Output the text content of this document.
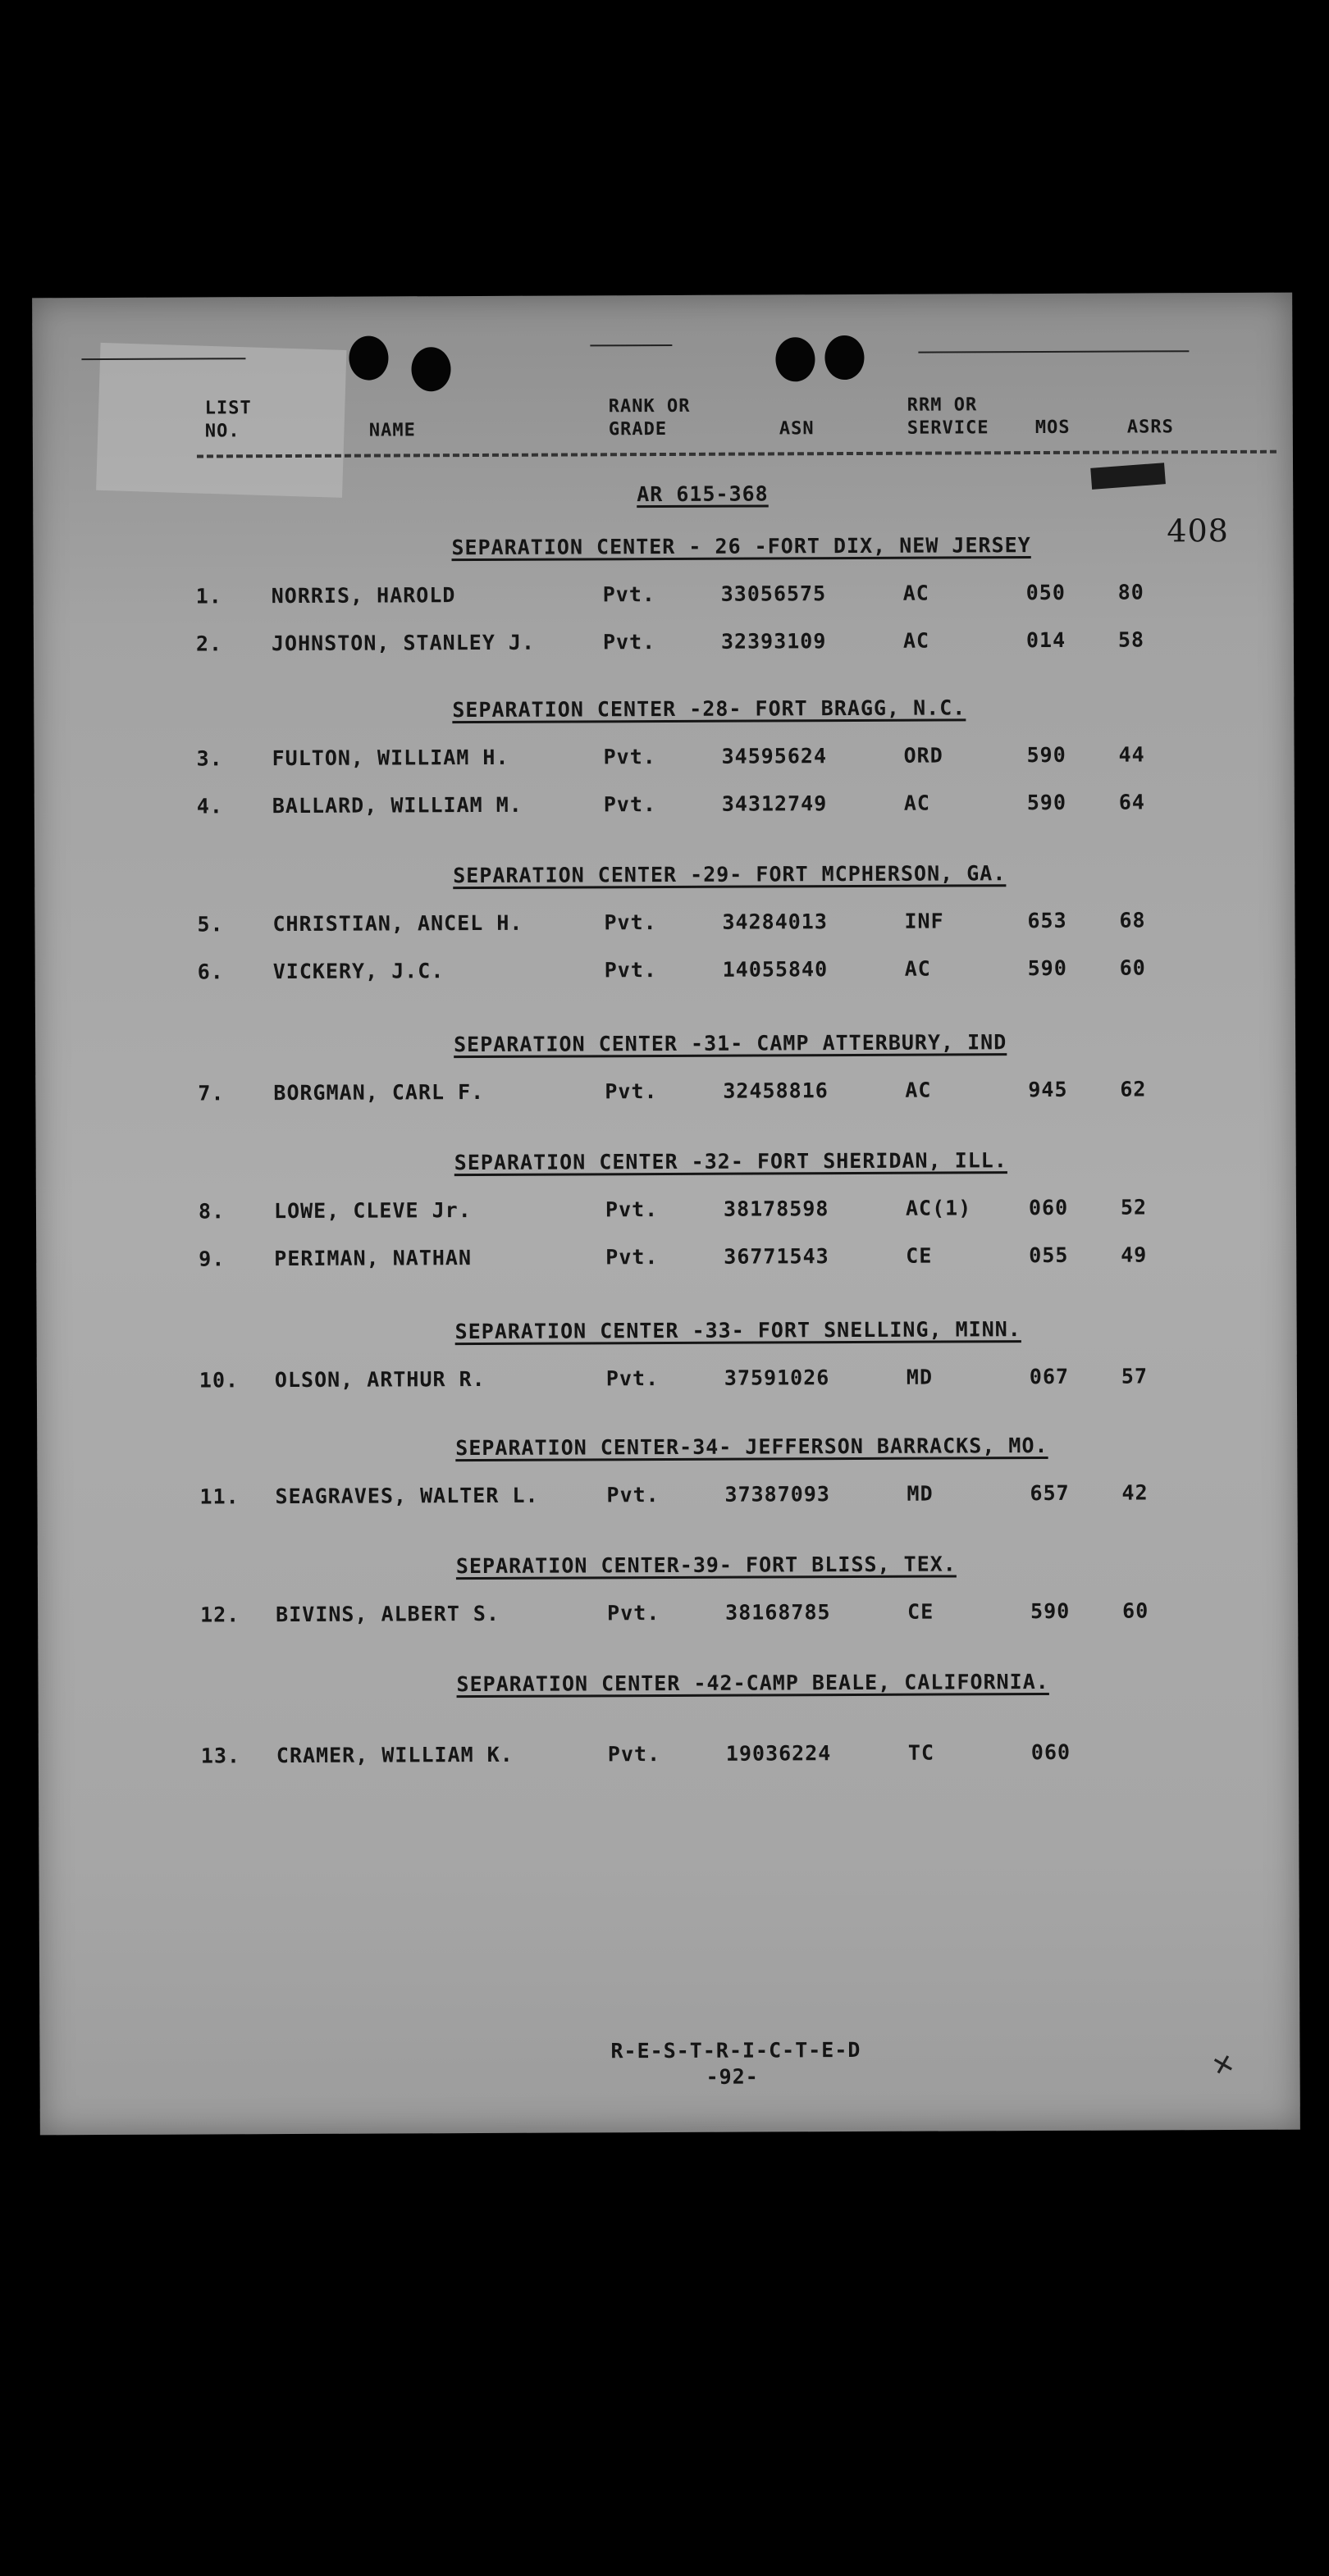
LIST
NO.	NAME
RANK OR
GRADE	ASN
RRM OR
SERVICE	MOS	ASRS
AR 615-368
408
SEPARATION CENTER - 26 -FORT DIX, NEW JERSEY
1. NORRIS, HAROLD	Pvt.	33056575	AC	050	80
2. JOHNSTON, STANLEY J.	Pvt.	32393109	AC	014	58
SEPARATION CENTER -28- FORT BRAGG, N.C.
3. FULTON, WILLIAM H.	Pvt.	34595624	ORD	590	44
4. BALLARD, WILLIAM M.	Pvt.	34312749	AC	590	64
SEPARATION CENTER -29- FORT MCPHERSON, GA.
5. CHRISTIAN, ANCEL H.	Pvt.	34284013	INF	653	68
6. VICKERY, J.C.	Pvt.	14055840	AC	590	60
SEPARATION CENTER -31- CAMP ATTERBURY, IND
7. BORGMAN, CARL F.	Pvt.	32458816	AC	945	62
SEPARATION CENTER -32- FORT SHERIDAN, ILL.
8. LOWE, CLEVE Jr.	Pvt.	38178598	AC(1)	060	52
9. PERIMAN, NATHAN	Pvt.	36771543	CE	055	49
SEPARATION CENTER -33- FORT SNELLING, MINN.
10. OLSON, ARTHUR R.	Pvt.	37591026	MD	067	57
SEPARATION CENTER-34- JEFFERSON BARRACKS, MO.
11. SEAGRAVES, WALTER L.	Pvt.	37387093	MD	657	42
SEPARATION CENTER-39- FORT BLISS, TEX.
12. BIVINS, ALBERT S.	Pvt.	38168785	CE	590	60
SEPARATION CENTER -42-CAMP BEALE, CALIFORNIA.
13. CRAMER, WILLIAM K.	Pvt.	19036224	TC	060
R-E-S-T-R-I-C-T-E-D
-92-	✕
